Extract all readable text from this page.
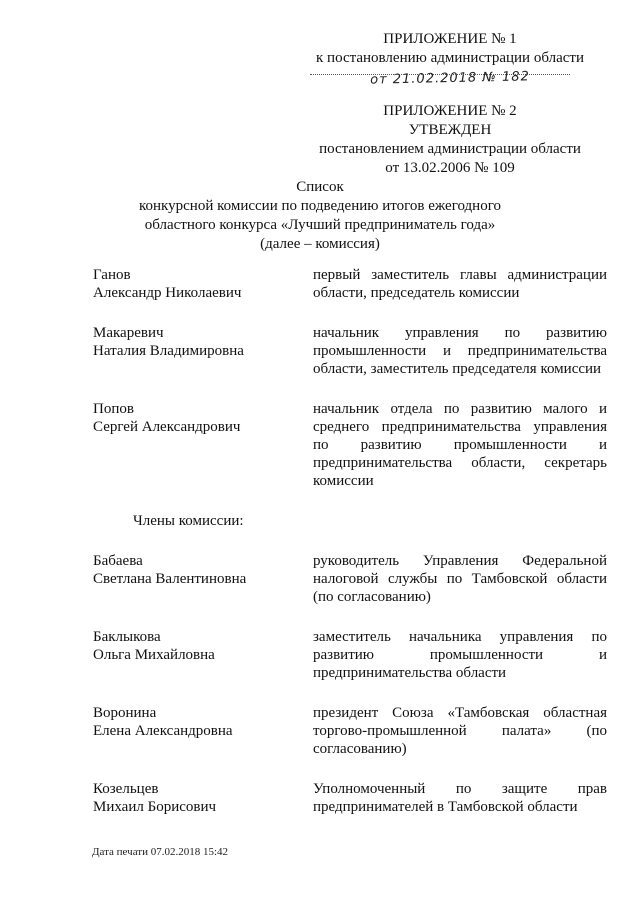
ПРИЛОЖЕНИЕ № 1
к постановлению администрации области
от 21.02.2018 № 182
ПРИЛОЖЕНИЕ № 2
УТВЕЖДЕН
постановлением администрации области
от 13.02.2006 № 109
Список
конкурсной комиссии по подведению итогов ежегодного
областного конкурса «Лучший предприниматель года»
(далее – комиссия)
Ганов
Александр Николаевич
первый заместитель главы администрации области, председатель комиссии
Макаревич
Наталия Владимировна
начальник управления по развитию промышленности и предпринимательства области, заместитель председателя комиссии
Попов
Сергей Александрович
начальник отдела по развитию малого и среднего предпринимательства управления по развитию промышленности и предпринимательства области, секретарь комиссии
Члены комиссии:
Бабаева
Светлана Валентиновна
руководитель Управления Федеральной налоговой службы по Тамбовской области (по согласованию)
Баклыкова
Ольга Михайловна
заместитель начальника управления по развитию промышленности и предпринимательства области
Воронина
Елена Александровна
президент Союза «Тамбовская областная торгово-промышленной палата» (по согласованию)
Козельцев
Михаил Борисович
Уполномоченный по защите прав предпринимателей в Тамбовской области
Дата печати 07.02.2018 15:42
